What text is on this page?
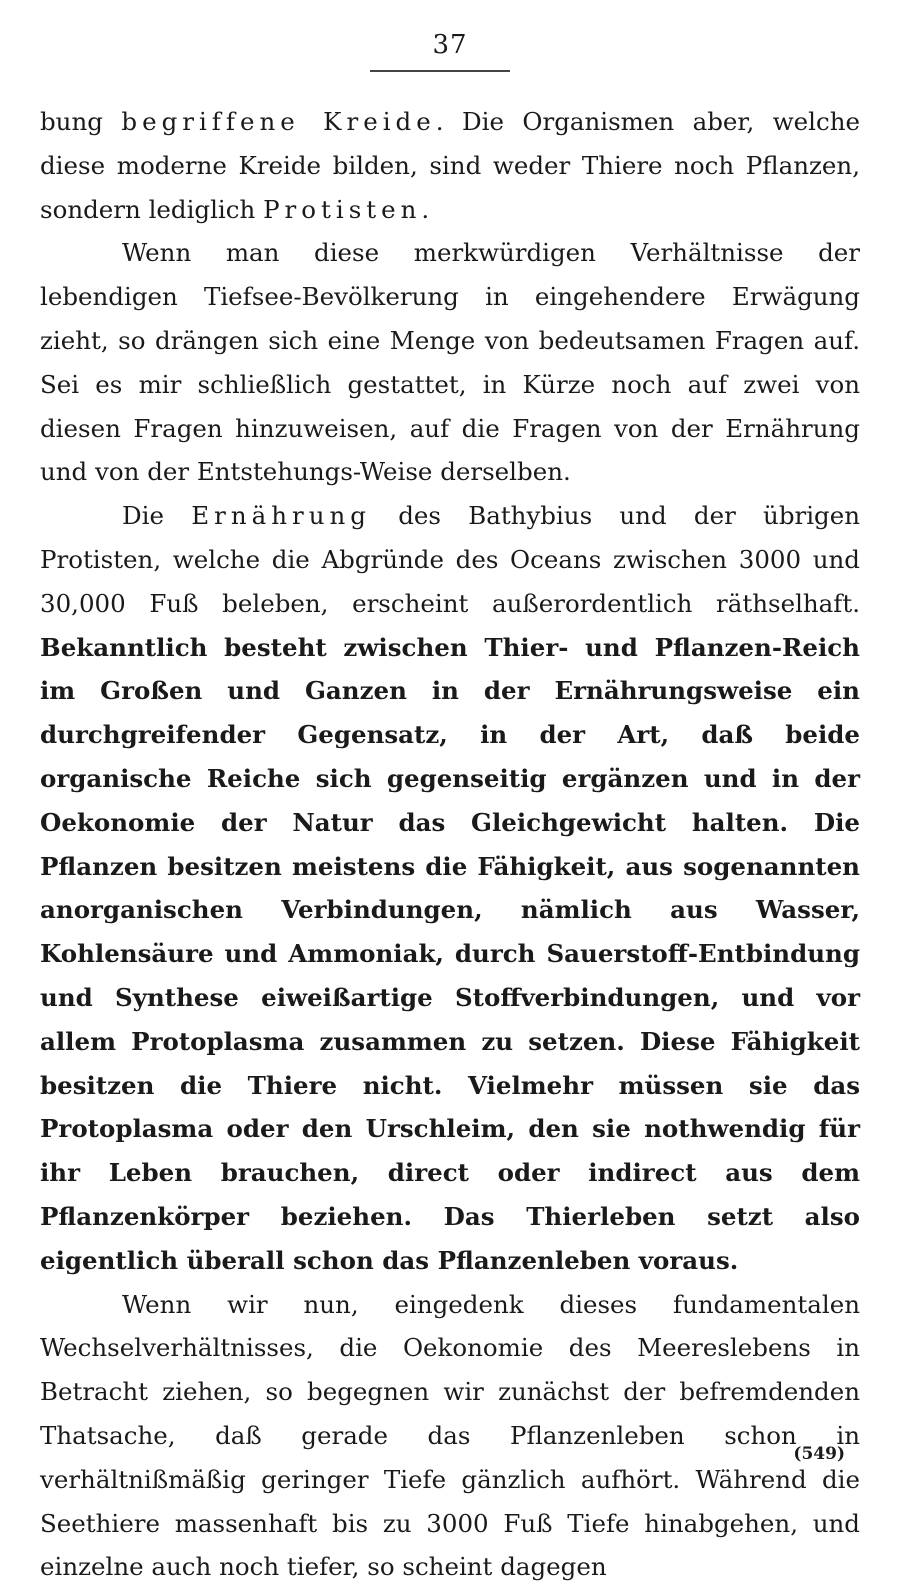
37

bung begriffene Kreide. Die Organismen aber, welche diese moderne Kreide bilden, sind weder Thiere noch Pflanzen, sondern lediglich Protisten.

Wenn man diese merkwürdigen Verhältnisse der lebendigen Tiefsee-Bevölkerung in eingehendere Erwägung zieht, so drängen sich eine Menge von bedeutsamen Fragen auf. Sei es mir schließlich gestattet, in Kürze noch auf zwei von diesen Fragen hinzuweisen, auf die Fragen von der Ernährung und von der Entstehungs-Weise derselben.

Die Ernährung des Bathybius und der übrigen Protisten, welche die Abgründe des Oceans zwischen 3000 und 30,000 Fuß beleben, erscheint außerordentlich räthselhaft. Bekanntlich besteht zwischen Thier- und Pflanzen-Reich im Großen und Ganzen in der Ernährungsweise ein durchgreifender Gegensatz, in der Art, daß beide organische Reiche sich gegenseitig ergänzen und in der Oekonomie der Natur das Gleichgewicht halten. Die Pflanzen besitzen meistens die Fähigkeit, aus sogenannten anorganischen Verbindungen, nämlich aus Wasser, Kohlensäure und Ammoniak, durch Sauerstoff-Entbindung und Synthese eiweißartige Stoffverbindungen, und vor allem Protoplasma zusammen zu setzen. Diese Fähigkeit besitzen die Thiere nicht. Vielmehr müssen sie das Protoplasma oder den Urschleim, den sie nothwendig für ihr Leben brauchen, direct oder indirect aus dem Pflanzenkörper beziehen. Das Thierleben setzt also eigentlich überall schon das Pflanzenleben voraus.

Wenn wir nun, eingedenk dieses fundamentalen Wechselverhältnisses, die Oekonomie des Meereslebens in Betracht ziehen, so begegnen wir zunächst der befremdenden Thatsache, daß gerade das Pflanzenleben schon in verhältnißmäßig geringer Tiefe gänzlich aufhört. Während die Seethiere massenhaft bis zu 3000 Fuß Tiefe hinabgehen, und einzelne auch noch tiefer, so scheint dagegen

(549)
